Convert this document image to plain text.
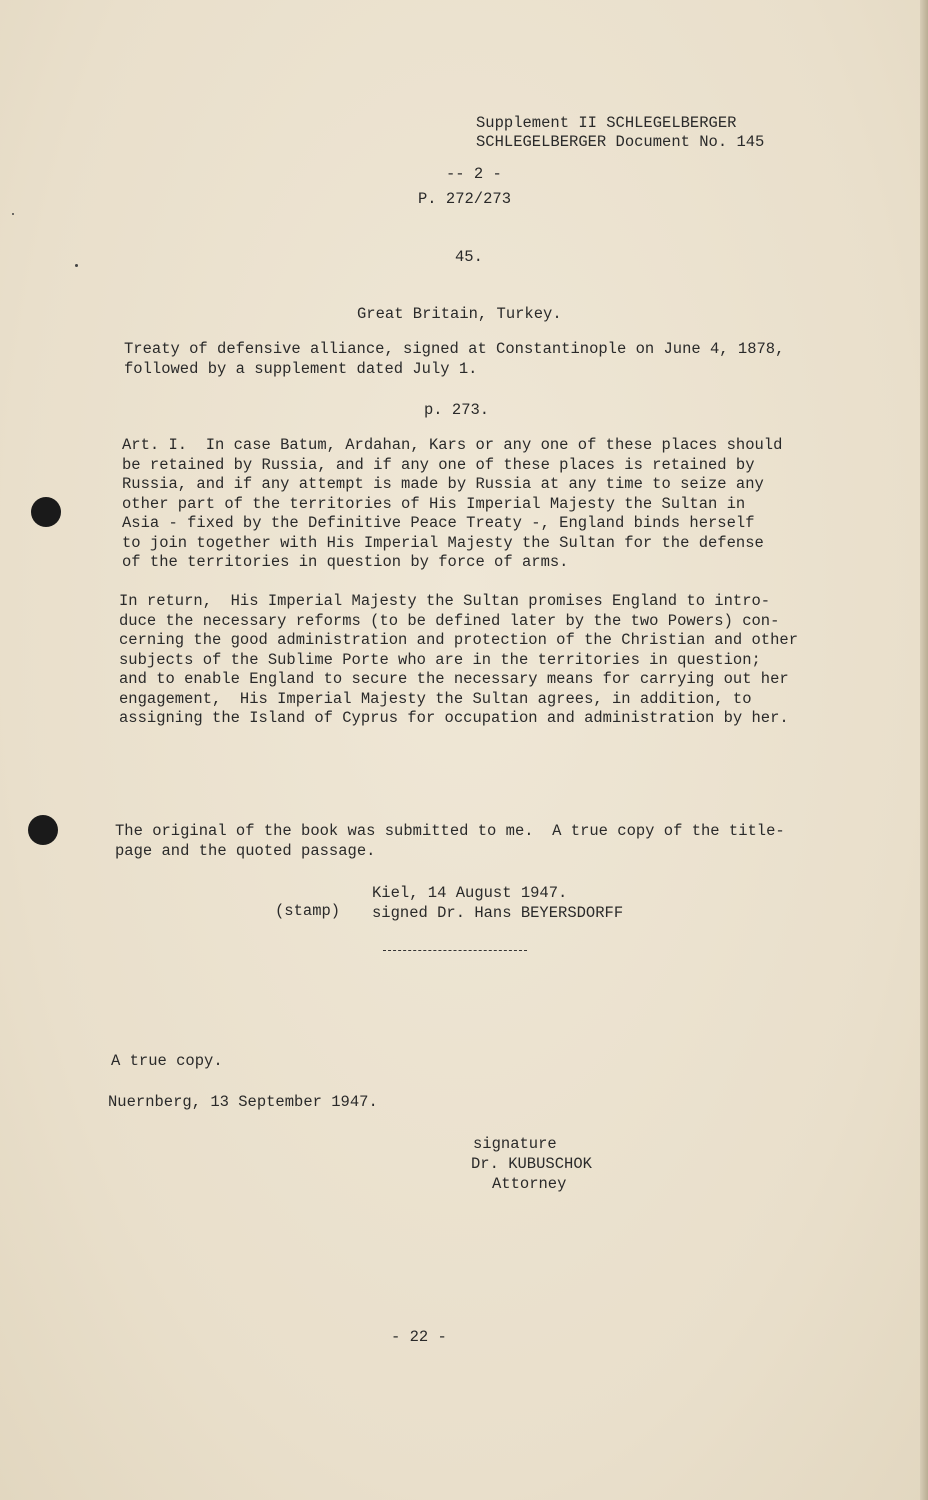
Supplement II SCHLEGELBERGER
SCHLEGELBERGER Document No. 145
-- 2 -
P. 272/273
45.
Great Britain, Turkey.
Treaty of defensive alliance, signed at Constantinople on June 4, 1878,
followed by a supplement dated July 1.
p. 273.
Art. I.  In case Batum, Ardahan, Kars or any one of these places should
be retained by Russia, and if any one of these places is retained by
Russia, and if any attempt is made by Russia at any time to seize any
other part of the territories of His Imperial Majesty the Sultan in
Asia - fixed by the Definitive Peace Treaty -, England binds herself
to join together with His Imperial Majesty the Sultan for the defense
of the territories in question by force of arms.
In return,  His Imperial Majesty the Sultan promises England to intro-
duce the necessary reforms (to be defined later by the two Powers) con-
cerning the good administration and protection of the Christian and other
subjects of the Sublime Porte who are in the territories in question;
and to enable England to secure the necessary means for carrying out her
engagement,  His Imperial Majesty the Sultan agrees, in addition, to
assigning the Island of Cyprus for occupation and administration by her.
The original of the book was submitted to me.  A true copy of the title-
page and the quoted passage.
Kiel, 14 August 1947.
(stamp) signed Dr. Hans BEYERSDORFF
A true copy.
Nuernberg, 13 September 1947.
signature
Dr. KUBUSCHOK
Attorney
- 22 -
